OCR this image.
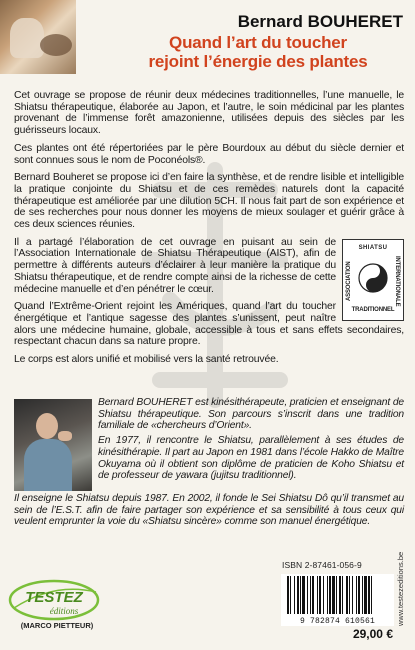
Bernard BOUHERET
Quand l’art du toucher
rejoint l’énergie des plantes

Cet ouvrage se propose de réunir deux médecines traditionnelles, l’une manuelle, le Shiatsu thérapeutique, élaborée au Japon, et l’autre, le soin médicinal par les plantes provenant de l’immense forêt amazonienne, utilisées depuis des siècles par les guérisseurs locaux.

Ces plantes ont été répertoriées par le père Bourdoux au début du siècle dernier et sont connues sous le nom de Poconéols®.

Bernard Bouheret se propose ici d’en faire la synthèse, et de rendre lisible et intelligible la pratique conjointe du Shiatsu et de ces remèdes naturels dont la capacité thérapeutique est améliorée par une dilution 5CH. Il nous fait part de son expérience et de ses recherches pour nous donner les moyens de mieux soulager et guérir grâce à ces deux sciences réunies.

SHIATSU
ASSOCIATION	INTERNATIONALE
TRADITIONNEL

Il a partagé l’élaboration de cet ouvrage en puisant au sein de l’Association Internationale de Shiatsu Thérapeutique (AIST), afin de permettre à différents auteurs d’éclairer à leur manière la pratique du Shiatsu thérapeutique, et de rendre compte ainsi de la richesse de cette médecine manuelle et d’en pénétrer le cœur.

Quand l’Extrême-Orient rejoint les Amériques, quand l’art du toucher énergétique et l’antique sagesse des plantes s’unissent, peut naître alors une médecine humaine, globale, accessible à tous et sans effets secondaires, respectant chacun dans sa nature propre.

Le corps est alors unifié et mobilisé vers la santé retrouvée.

Bernard BOUHERET est kinésithérapeute, praticien et enseignant de Shiatsu thérapeutique. Son parcours s’inscrit dans une tradition familiale de «chercheurs d’Orient».

En 1977, il rencontre le Shiatsu, parallèlement à ses études de kinésithérapie. Il part au Japon en 1981 dans l’école Hakko de Maître Okuyama où il obtient son diplôme de praticien de Koho Shiatsu et de professeur de yawara (jujitsu traditionnel).

Il enseigne le Shiatsu depuis 1987. En 2002, il fonde le Sei Shiatsu Dô qu’il transmet au sein de l’E.S.T. afin de faire partager son expérience et sa sensibilité à tous ceux qui veulent emprunter la voie du «Shiatsu sincère» comme son manuel énergétique.

TESTEZ
éditions

(MARCO PIETTEUR)

ISBN 2-87461-056-9

9 782874 610561

29,00 €

www.testezeditions.be
